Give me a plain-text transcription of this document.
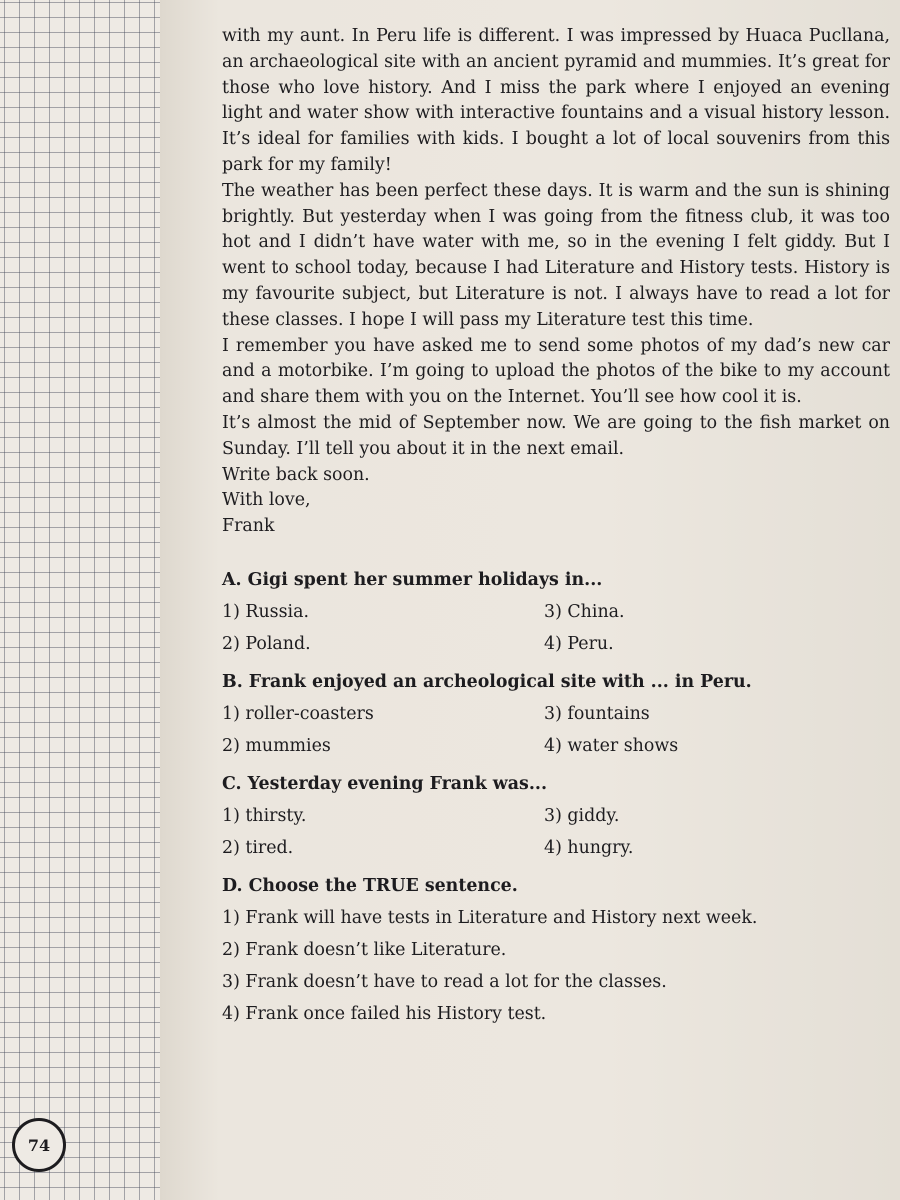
with my aunt. In Peru life is different. I was impressed by Huaca Puсllana, an archaeological site with an ancient pyramid and mummies. It’s great for those who love history. And I miss the park where I enjoyed an evening light and water show with interactive fountains and a visual history lesson. It’s ideal for families with kids. I bought a lot of local souvenirs from this park for my family!

The weather has been perfect these days. It is warm and the sun is shining brightly. But yesterday when I was going from the fitness club, it was too hot and I didn’t have water with me, so in the evening I felt giddy. But I went to school today, because I had Literature and History tests. History is my favourite subject, but Literature is not. I always have to read a lot for these classes. I hope I will pass my Literature test this time.

I remember you have asked me to send some photos of my dad’s new car and a motorbike. I’m going to upload the photos of the bike to my account and share them with you on the Internet. You’ll see how cool it is.

It’s almost the mid of September now. We are going to the fish market on Sunday. I’ll tell you about it in the next email.

Write back soon.

With love,

Frank

A. Gigi spent her summer holidays in...

1) Russia.	3) China.
2) Poland.	4) Peru.

B. Frank enjoyed an archeological site with ... in Peru.

1) roller-coasters	3) fountains
2) mummies	4) water shows

C. Yesterday evening Frank was...

1) thirsty.	3) giddy.
2) tired.	4) hungry.

D. Choose the TRUE sentence.

1) Frank will have tests in Literature and History next week.
2) Frank doesn’t like Literature.
3) Frank doesn’t have to read a lot for the classes.
4) Frank once failed his History test.
74
